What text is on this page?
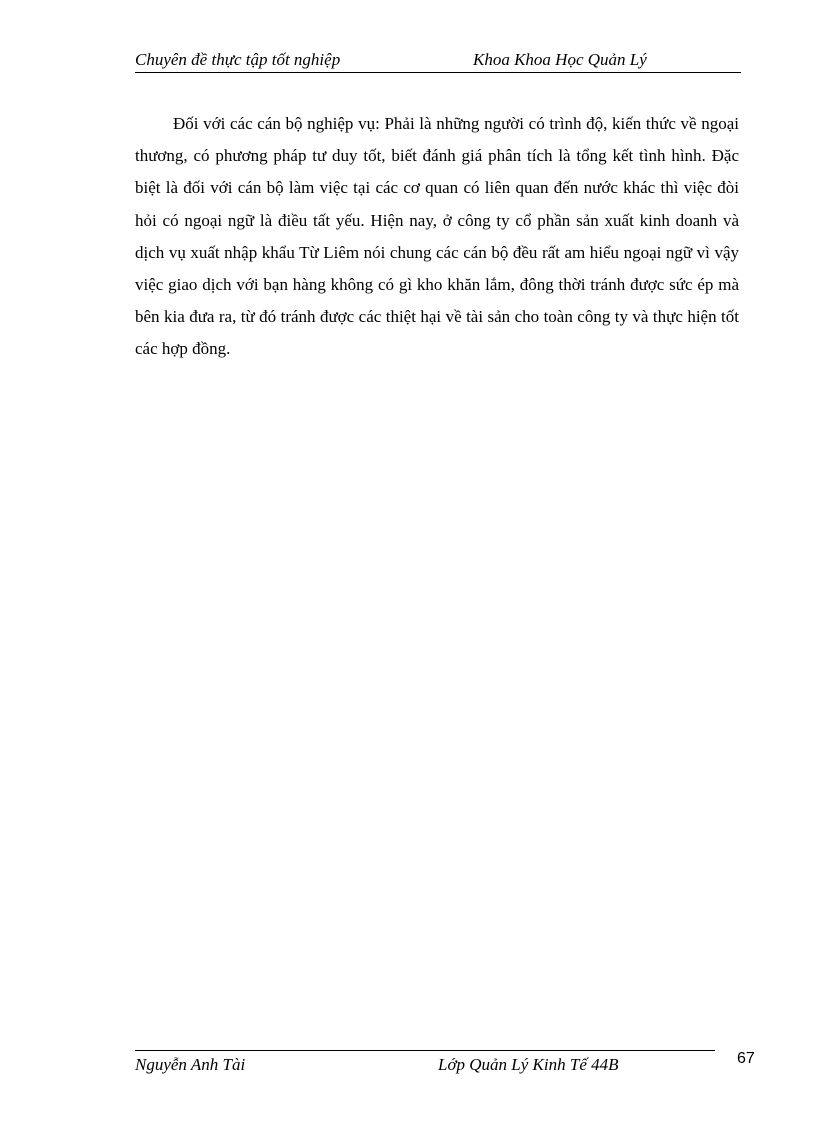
Chuyên đề thực tập tốt nghiệp	Khoa Khoa Học Quản Lý

Đối với các cán bộ nghiệp vụ: Phải là những người có trình độ, kiến thức về ngoại thương, có phương pháp tư duy tốt, biết đánh giá phân tích là tổng kết tình hình. Đặc biệt là đối với cán bộ làm việc tại các cơ quan có liên quan đến nước khác thì việc đòi hỏi có ngoại ngữ là điều tất yếu. Hiện nay, ở công ty cổ phần sản xuất kinh doanh và dịch vụ xuất nhập khẩu Từ Liêm nói chung các cán bộ đều rất am hiểu ngoại ngữ vì vậy việc giao dịch với bạn hàng không có gì kho khăn lắm, đông thời tránh được sức ép mà bên kia đưa ra, từ đó tránh được các thiệt hại về tài sản cho toàn công ty và thực hiện tốt các hợp đồng.

Nguyễn Anh Tài	Lớp Quản Lý Kinh Tế 44B	67
